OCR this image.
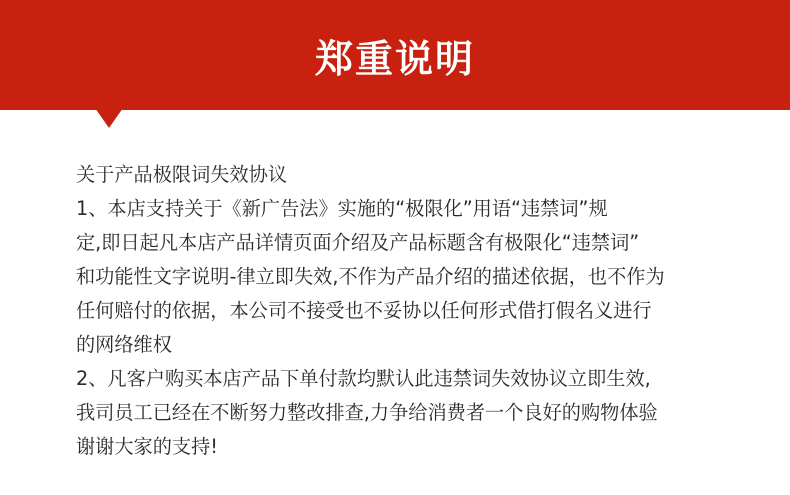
郑重说明
关于产品极限词失效协议
1、本店支持关于《新广告法》实施的“极限化”用语“违禁词”规
定,即日起凡本店产品详情页面介绍及产品标题含有极限化“违禁词”
和功能性文字说明-律立即失效,不作为产品介绍的描述依据，也不作为
任何赔付的依据，本公司不接受也不妥协以任何形式借打假名义进行
的网络维权
2、凡客户购买本店产品下单付款均默认此违禁词失效协议立即生效,
我司员工已经在不断努力整改排查,力争给消费者一个良好的购物体验
谢谢大家的支持!
